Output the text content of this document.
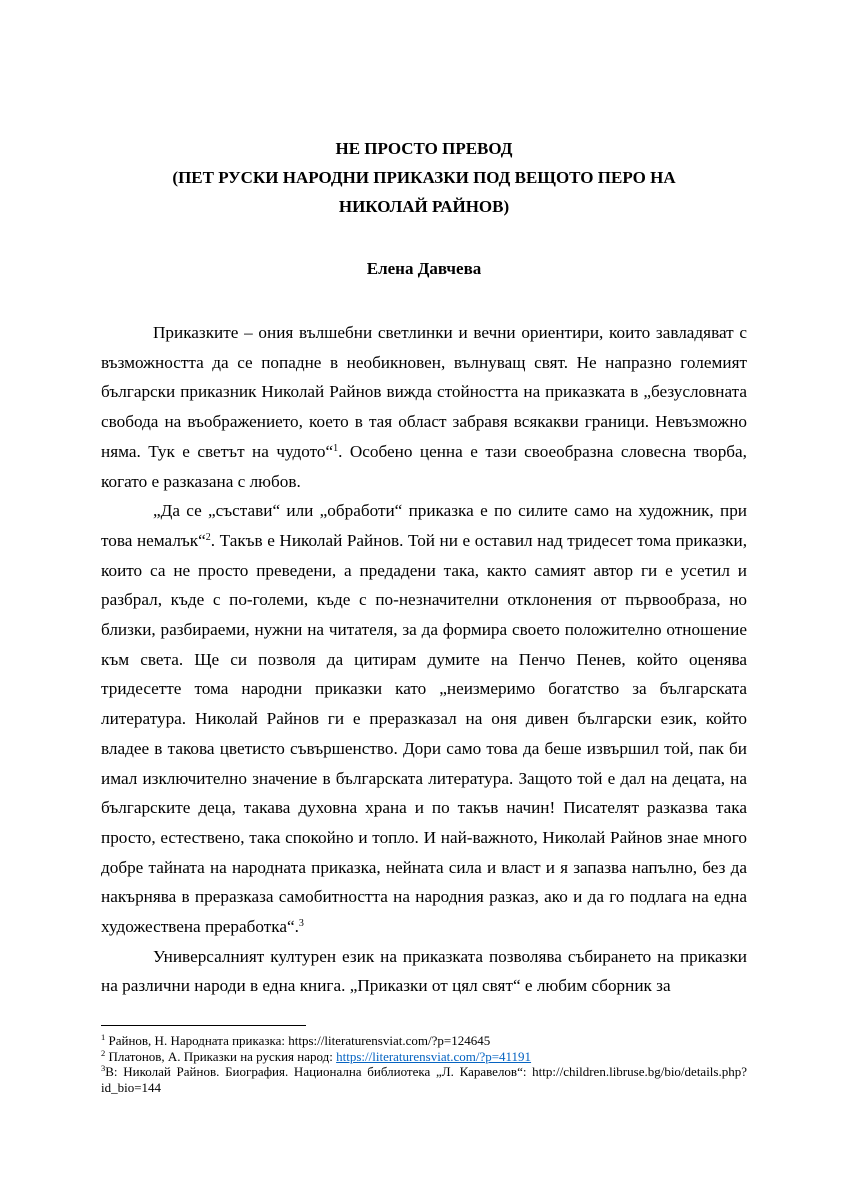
НЕ ПРОСТО ПРЕВОД
(ПЕТ РУСКИ НАРОДНИ ПРИКАЗКИ ПОД ВЕЩОТО ПЕРО НА НИКОЛАЙ РАЙНОВ)
Елена Давчева

Приказките – ония вълшебни светлинки и вечни ориентири, които завладяват с възможността да се попадне в необикновен, вълнуващ свят. Не напразно големият български приказник Николай Райнов вижда стойността на приказката в „безусловната свобода на въображението, което в тая област забравя всякакви граници. Невъзможно няма. Тук е светът на чудото“$^1$. Особено ценна е тази своеобразна словесна творба, когато е разказана с любов.

„Да се „състави“ или „обработи“ приказка е по силите само на художник, при това немалък“$^2$. Такъв е Николай Райнов. Той ни е оставил над тридесет тома приказки, които са не просто преведени, а предадени така, както самият автор ги е усетил и разбрал, къде с по-големи, къде с по-незначителни отклонения от първообраза, но близки, разбираеми, нужни на читателя, за да формира своето положително отношение към света. Ще си позволя да цитирам думите на Пенчо Пенев, който оценява тридесетте тома народни приказки като „неизмеримо богатство за българската литература. Николай Райнов ги е преразказал на оня дивен български език, който владее в такова цветисто съвършенство. Дори само това да беше извършил той, пак би имал изключително значение в българската литература. Защото той е дал на децата, на българските деца, такава духовна храна и по такъв начин! Писателят разказва така просто, естествено, така спокойно и топло. И най-важното, Николай Райнов знае много добре тайната на народната приказка, нейната сила и власт и я запазва напълно, без да накърнява в преразказа самобитността на народния разказ, ако и да го подлага на една художествена преработка“.$^3$

Универсалният културен език на приказката позволява събирането на приказки на различни народи в една книга. „Приказки от цял свят“ е любим сборник за

$^1$ Райнов, Н. Народната приказка: https://literaturensviat.com/?p=124645

$^2$ Платонов, А. Приказки на руския народ: https://literaturensviat.com/?p=41191

$^3$В: Николай Райнов. Биография. Национална библиотека „Л. Каравелов“: http://children.libruse.bg/bio/details.php?id_bio=144
